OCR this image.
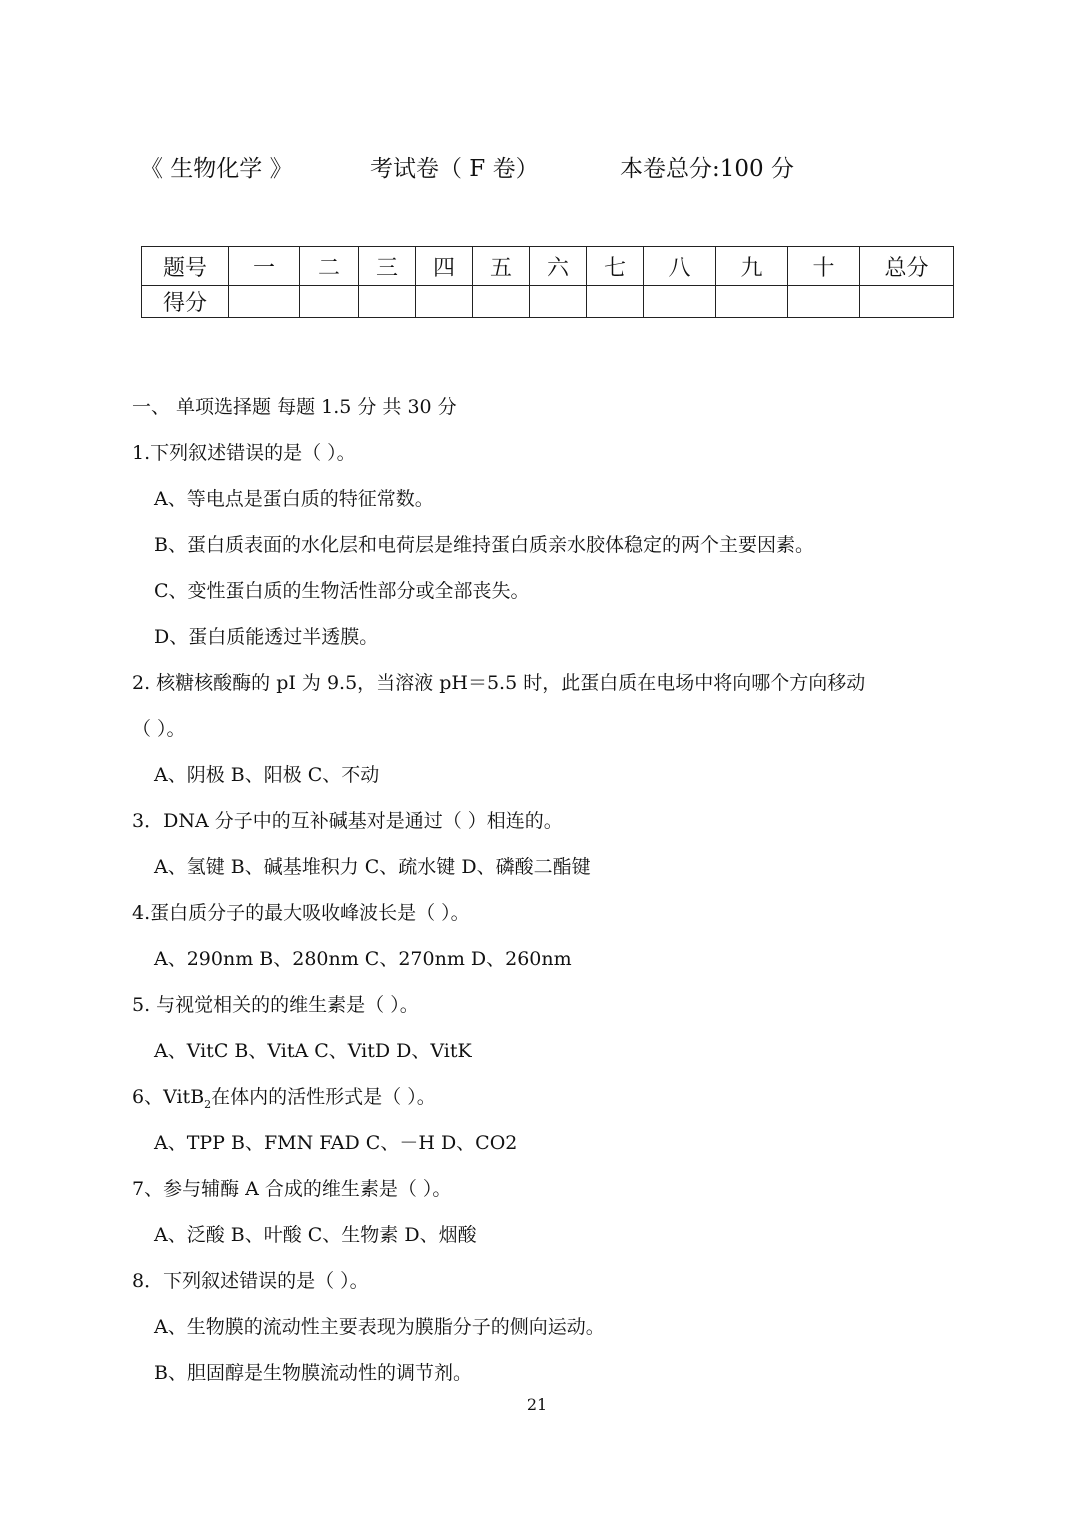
《 生物化学 》	考试卷（ F 卷）	本卷总分:100 分
题号	一	二	三	四	五	六	七	八	九	十	总分
得分											
一、 单项选择题 每题 1.5 分 共 30 分
1.下列叙述错误的是（ ）。
A、等电点是蛋白质的特征常数。
B、蛋白质表面的水化层和电荷层是维持蛋白质亲水胶体稳定的两个主要因素。
C、变性蛋白质的生物活性部分或全部丧失。
D、蛋白质能透过半透膜。
2. 核糖核酸酶的 pI 为 9.5，当溶液 pH＝5.5 时，此蛋白质在电场中将向哪个方向移动
（ ）。
A、阴极 B、阳极 C、不动
3．DNA 分子中的互补碱基对是通过（ ）相连的。
A、氢键 B、碱基堆积力 C、疏水键 D、磷酸二酯键
4.蛋白质分子的最大吸收峰波长是（ ）。
A、290nm B、280nm C、270nm D、260nm
5. 与视觉相关的的维生素是（ ）。
A、VitC B、VitA C、VitD D、VitK
6、VitB$_2$在体内的活性形式是（ ）。
A、TPP B、FMN FAD C、－H D、CO2
7、参与辅酶 A 合成的维生素是（ ）。
A、泛酸 B、叶酸 C、生物素 D、烟酸
8．下列叙述错误的是（ ）。
A、生物膜的流动性主要表现为膜脂分子的侧向运动。
B、胆固醇是生物膜流动性的调节剂。
21
